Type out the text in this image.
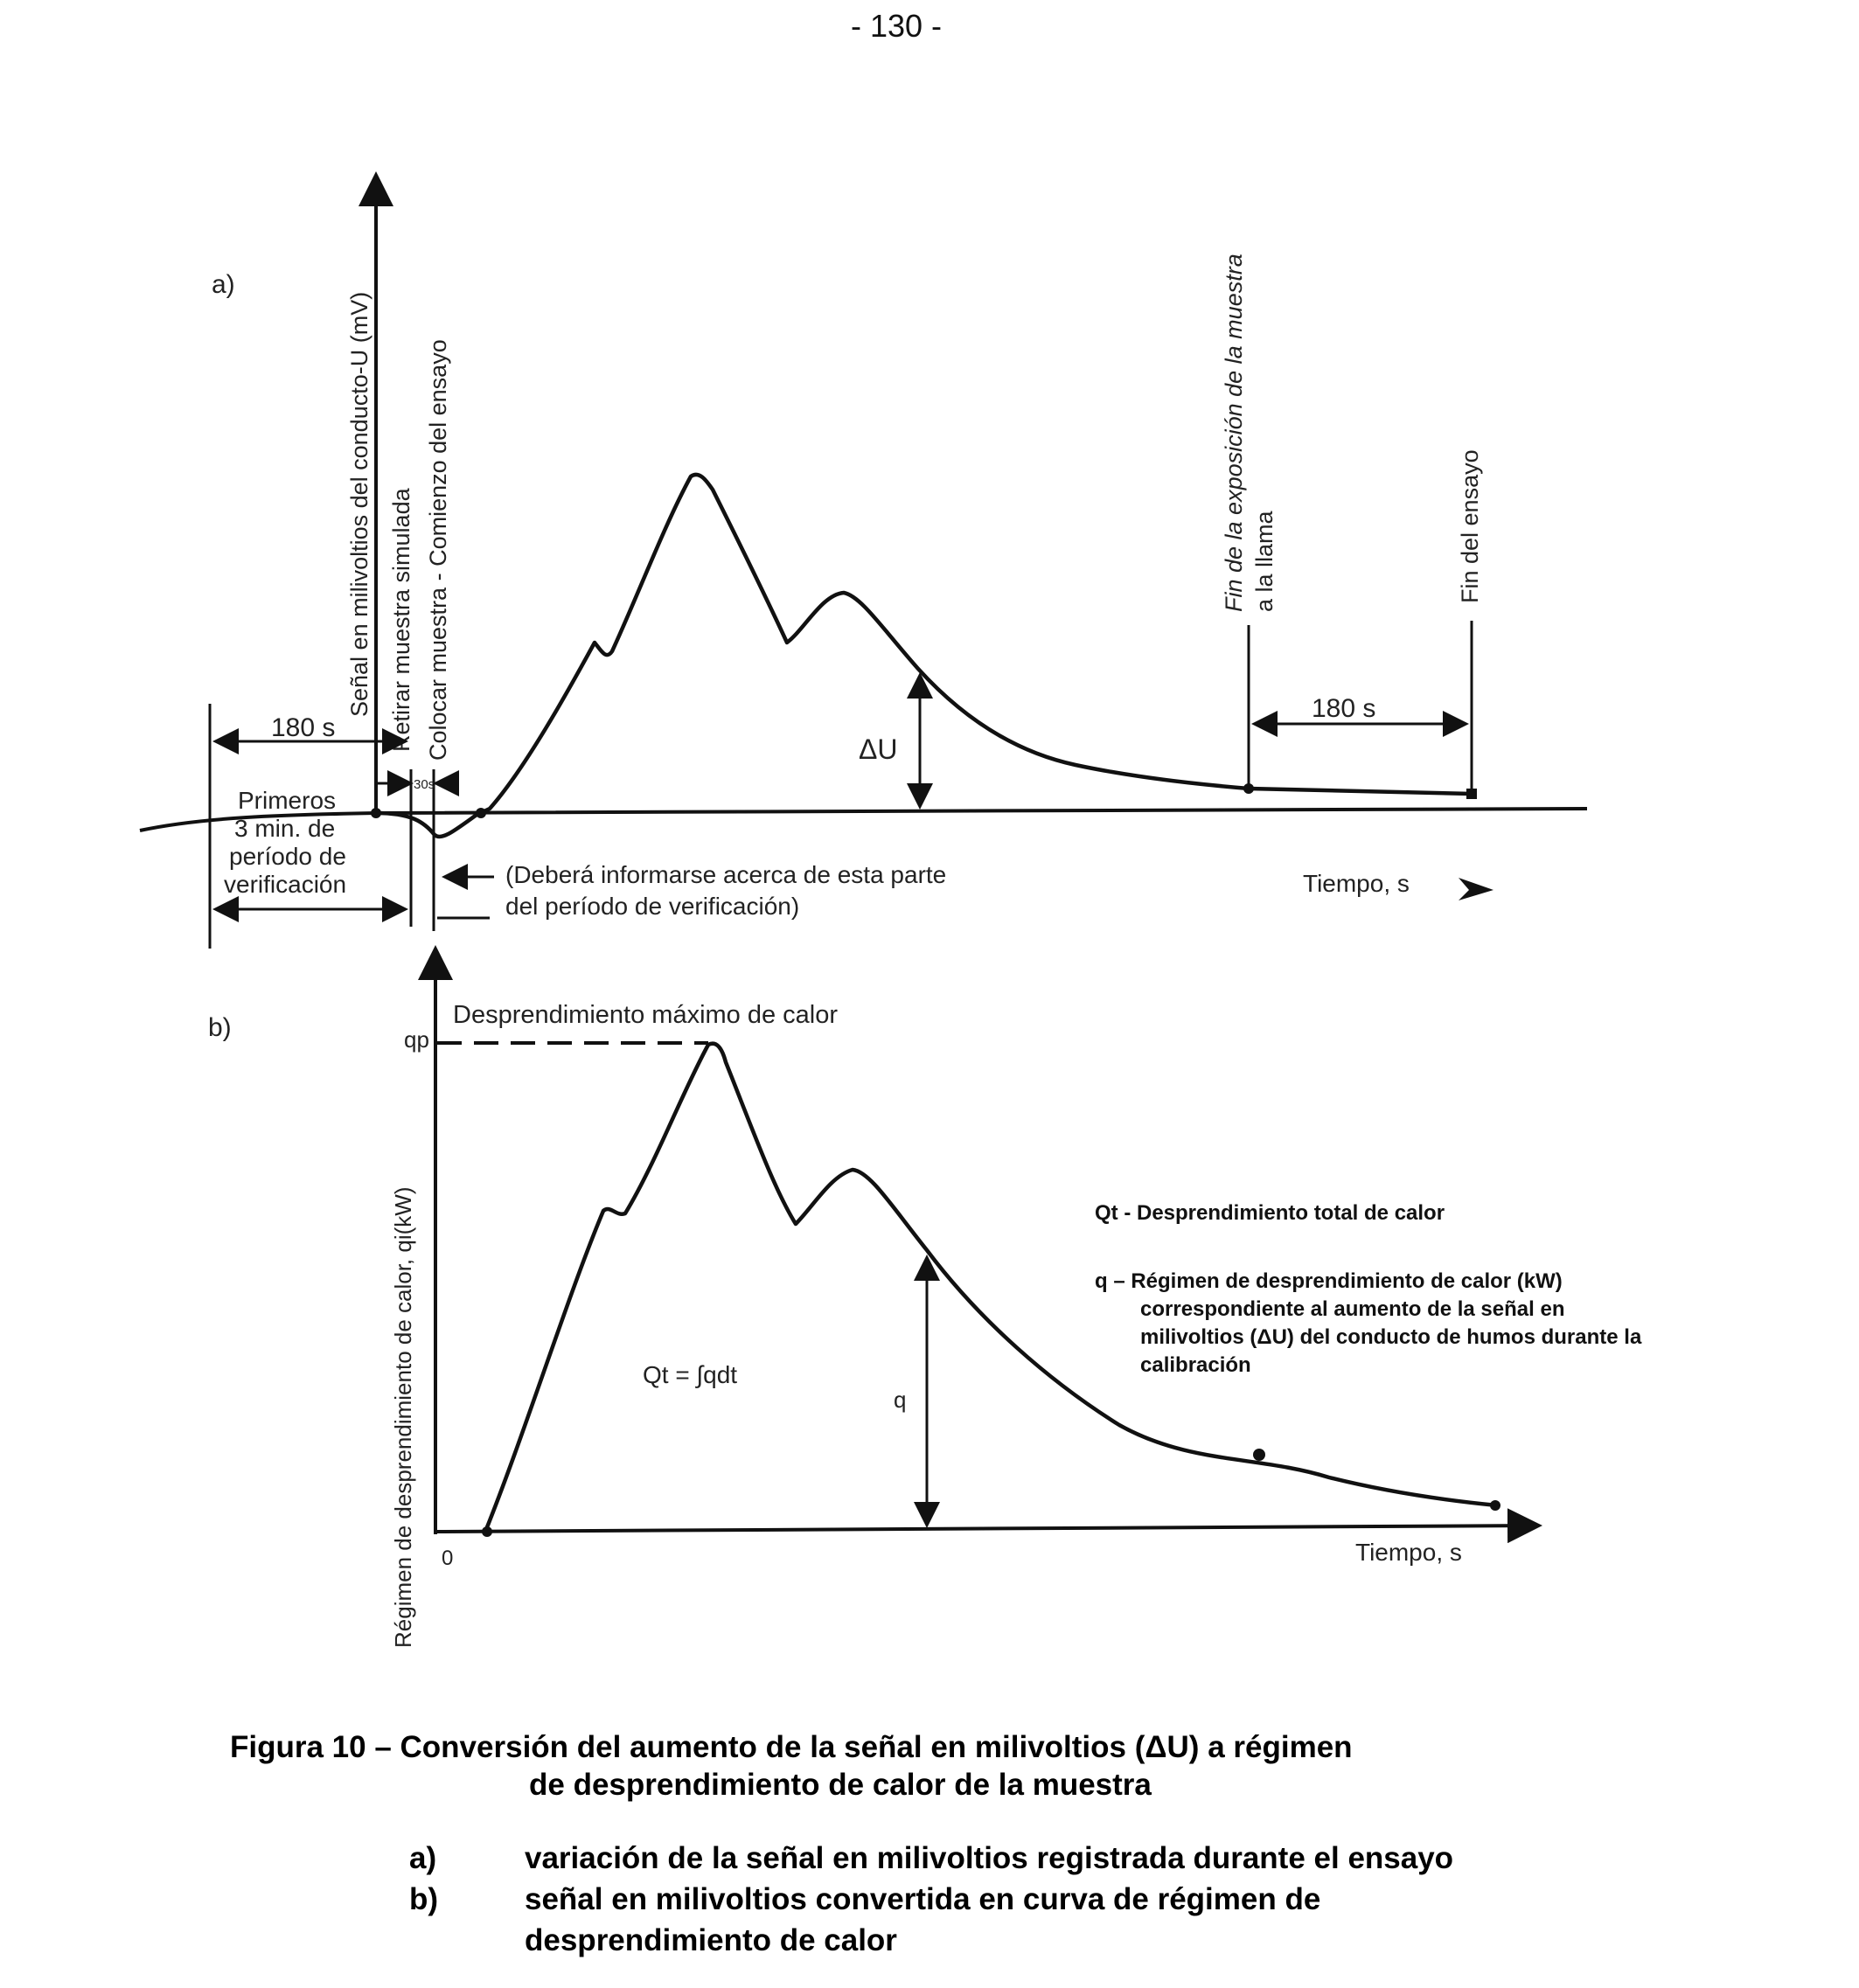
- 130 -
a)
Señal en milivoltios del conducto-U (mV) Retirar muestra simulada Colocar muestra - Comienzo del ensayo	Fin de la exposición de la muestra a la llama	Fin del ensayo
180 s
30s
180 s
Primeros
3 min. de
período de
verificación	(Deberá informarse acerca de esta parte
del período de verificación)
ΔU
Tiempo, s
b)
Régimen de desprendimiento de calor, qi(kW)
qp
Desprendimiento máximo de calor
0	Tiempo, s
q
Qt = ∫qdt
Qt - Desprendimiento total de calor
q – Régimen de desprendimiento de calor (kW)
correspondiente al aumento de la señal en
milivoltios (ΔU) del conducto de humos durante la
calibración
Figura 10 – Conversión del aumento de la señal en milivoltios (ΔU) a régimen
de desprendimiento de calor de la muestra
a)	variación de la señal en milivoltios registrada durante el ensayo
b)	señal en milivoltios convertida en curva de régimen de
desprendimiento de calor
